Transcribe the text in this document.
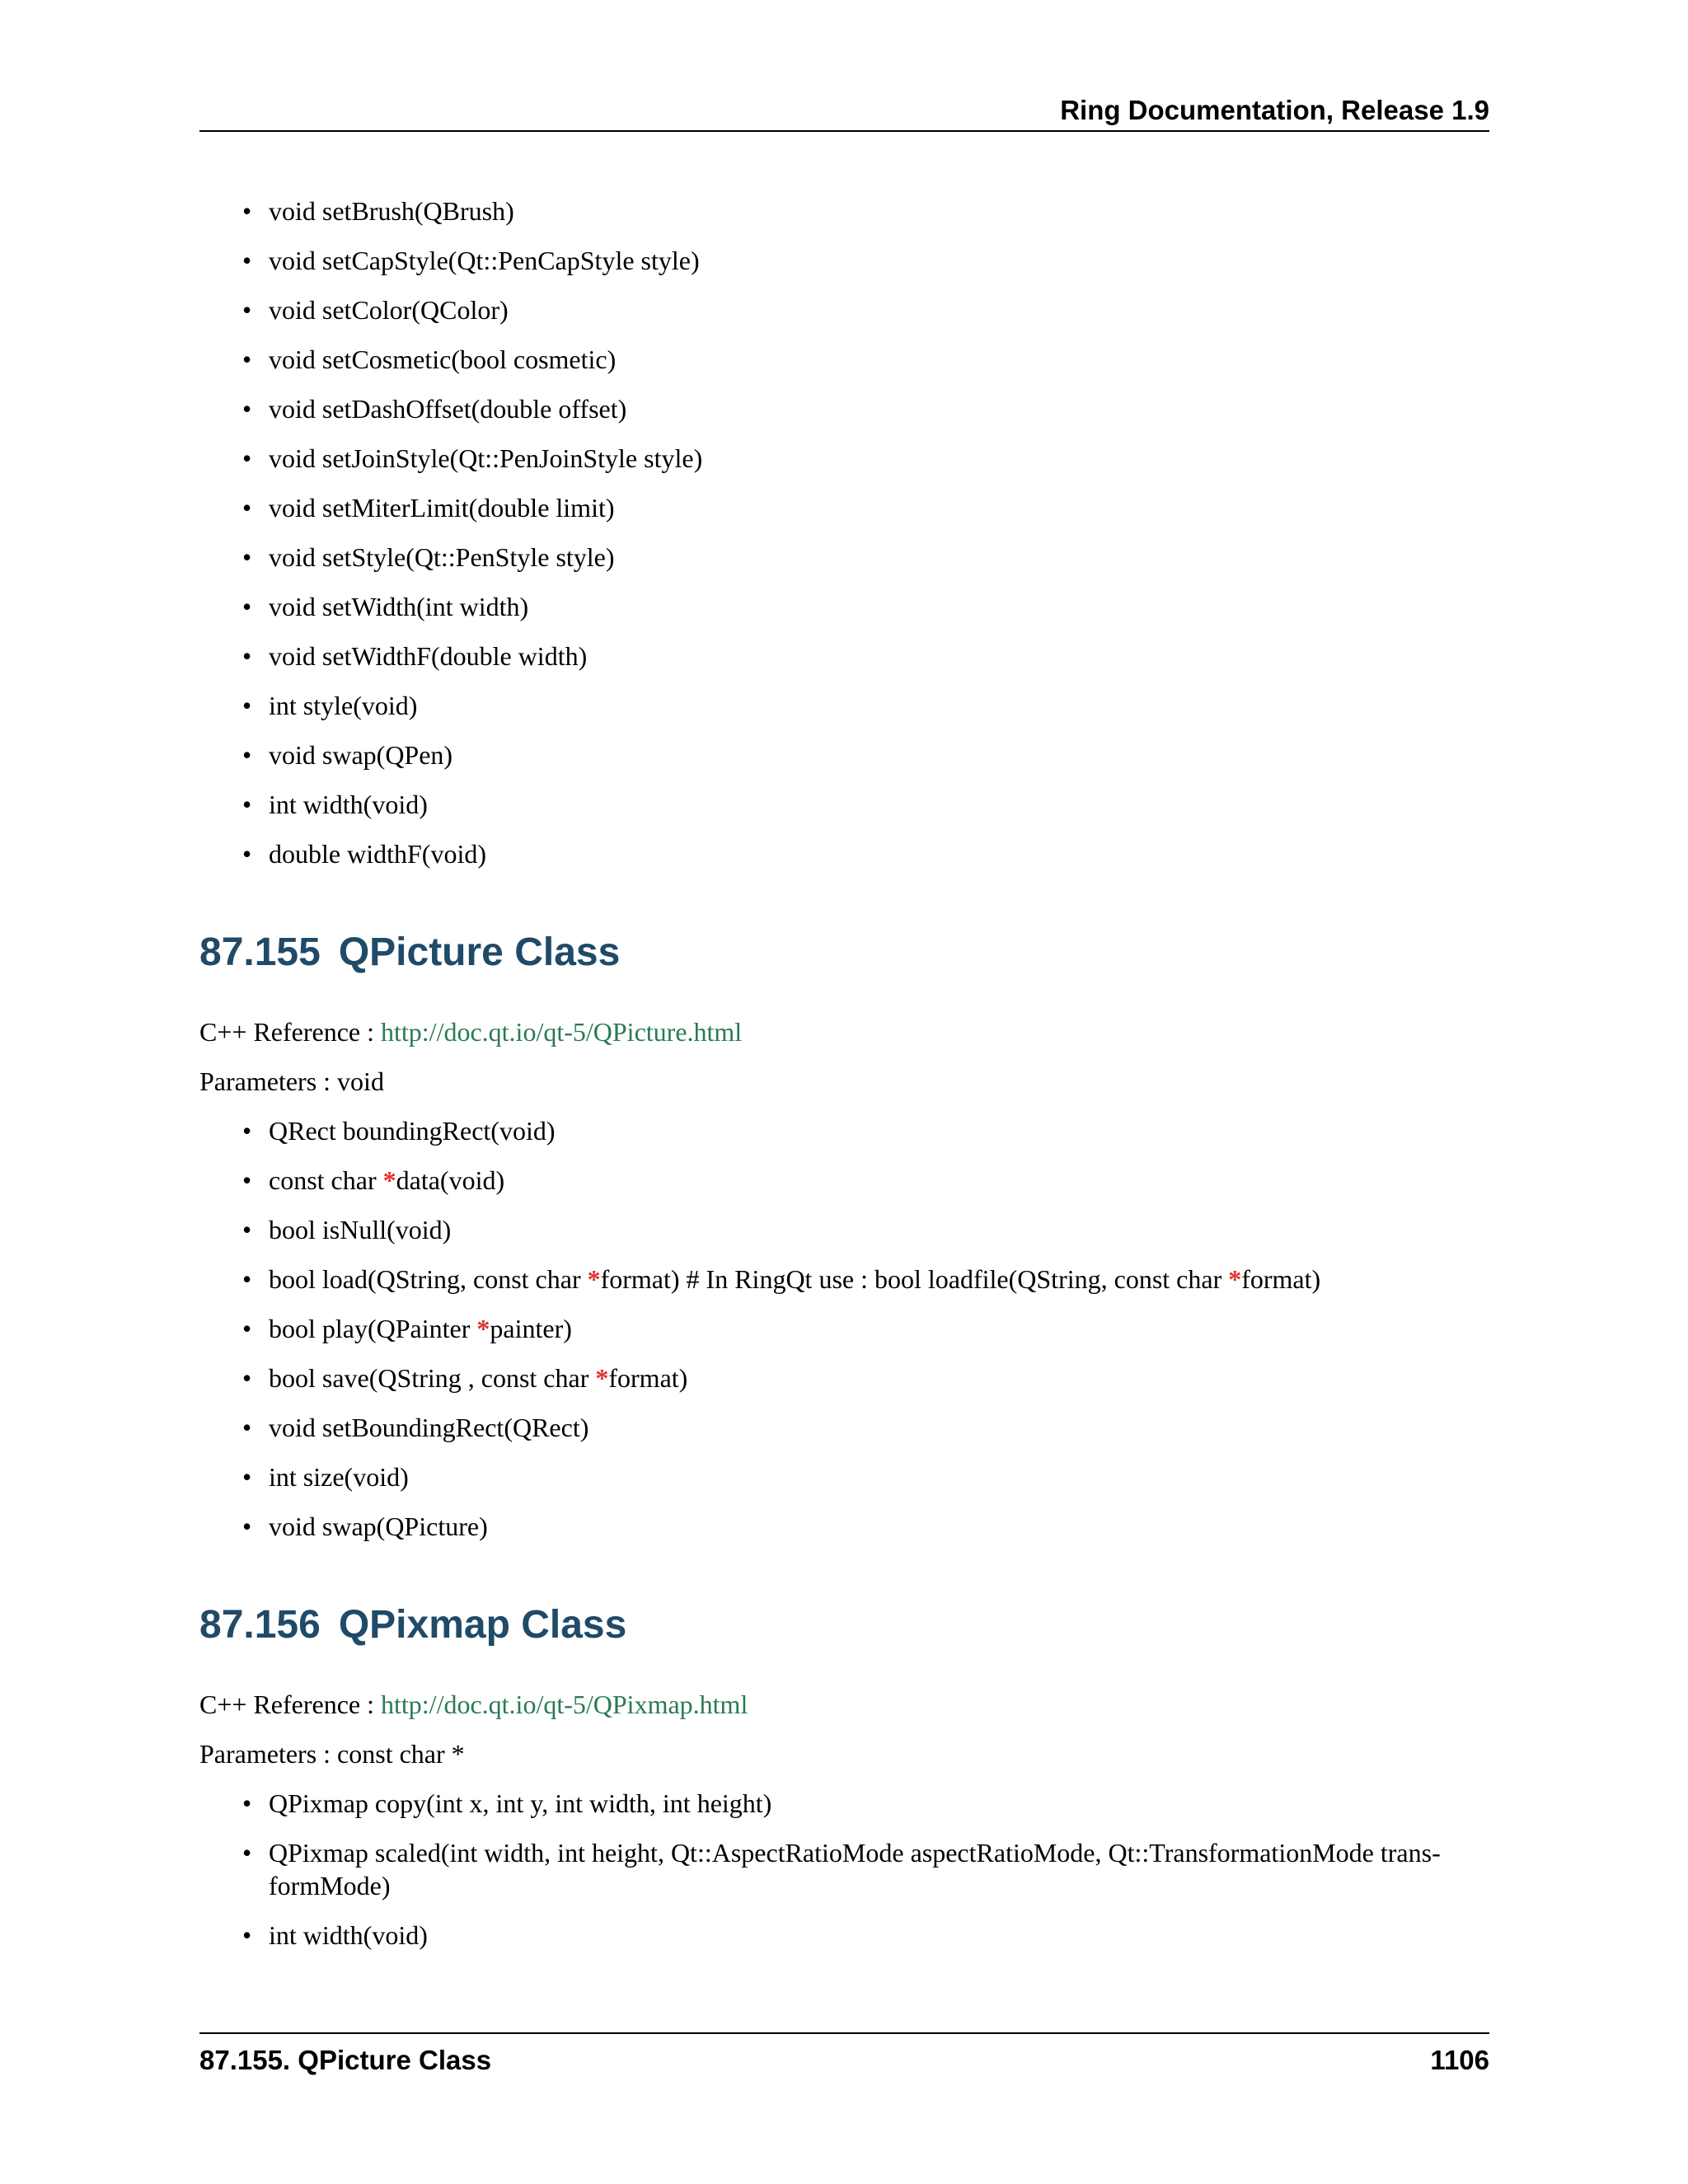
Ring Documentation, Release 1.9
• void setBrush(QBrush)
• void setCapStyle(Qt::PenCapStyle style)
• void setColor(QColor)
• void setCosmetic(bool cosmetic)
• void setDashOffset(double offset)
• void setJoinStyle(Qt::PenJoinStyle style)
• void setMiterLimit(double limit)
• void setStyle(Qt::PenStyle style)
• void setWidth(int width)
• void setWidthF(double width)
• int style(void)
• void swap(QPen)
• int width(void)
• double widthF(void)
87.155 QPicture Class

C++ Reference : http://doc.qt.io/qt-5/QPicture.html

Parameters : void

• QRect boundingRect(void)
• const char *data(void)
• bool isNull(void)
• bool load(QString, const char *format) # In RingQt use : bool loadfile(QString, const char *format)
• bool play(QPainter *painter)
• bool save(QString , const char *format)
• void setBoundingRect(QRect)
• int size(void)
• void swap(QPicture)
87.156 QPixmap Class

C++ Reference : http://doc.qt.io/qt-5/QPixmap.html

Parameters : const char *

• QPixmap copy(int x, int y, int width, int height)
• QPixmap scaled(int width, int height, Qt::AspectRatioMode aspectRatioMode, Qt::TransformationMode trans-formMode)
• int width(void)
87.155. QPicture Class	1106
